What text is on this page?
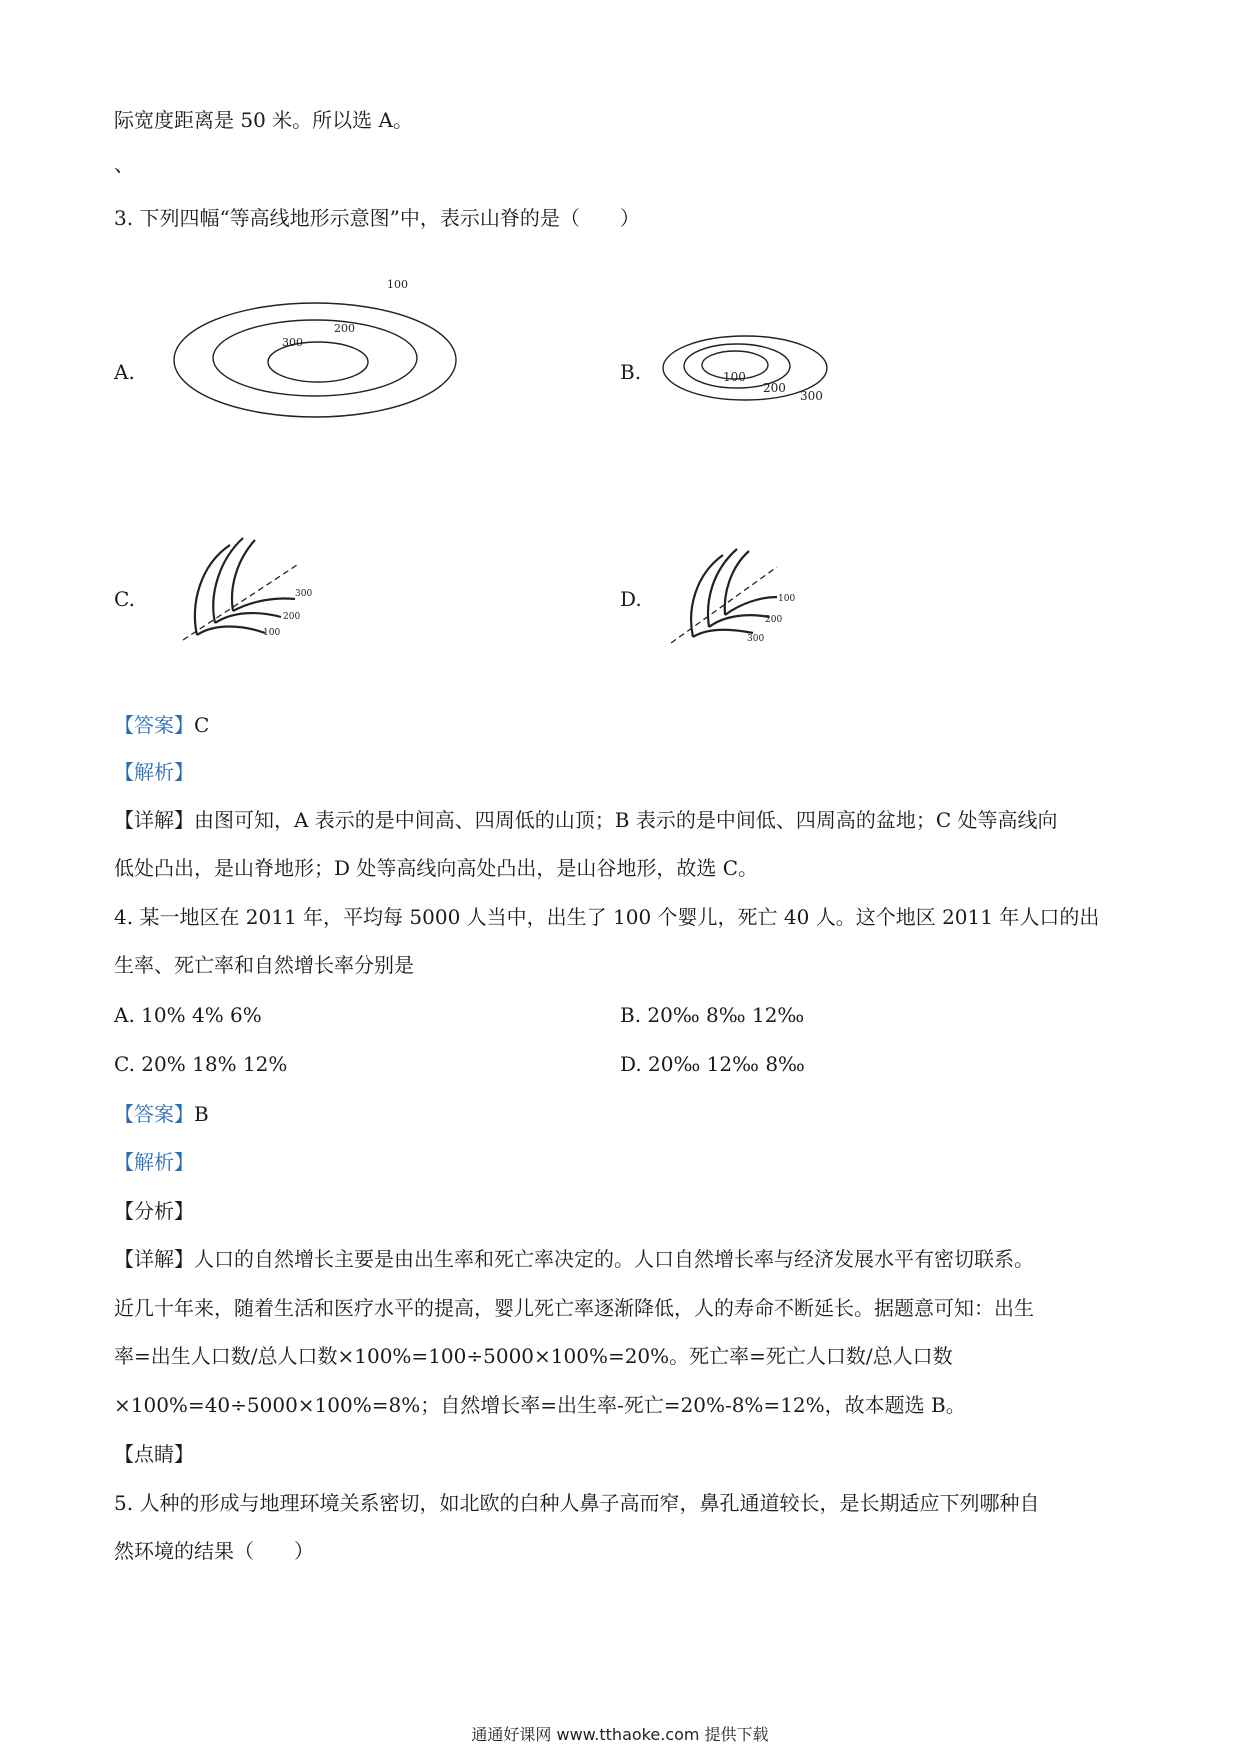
际宽度距离是 50 米。所以选 A。
、
3. 下列四幅“等高线地形示意图”中，表示山脊的是（　　）
A.	B.
C.	D.
100
200
300
100
200
300
300
200
100
100
200
300
【答案】C
【解析】
【详解】由图可知，A 表示的是中间高、四周低的山顶；B 表示的是中间低、四周高的盆地；C 处等高线向
低处凸出，是山脊地形；D 处等高线向高处凸出，是山谷地形，故选 C。
4. 某一地区在 2011 年，平均每 5000 人当中，出生了 100 个婴儿，死亡 40 人。这个地区 2011 年人口的出
生率、死亡率和自然增长率分别是
A. 10% 4% 6%	B. 20‰ 8‰ 12‰
C. 20% 18% 12%	D. 20‰ 12‰ 8‰
【答案】B
【解析】
【分析】
【详解】人口的自然增长主要是由出生率和死亡率决定的。人口自然增长率与经济发展水平有密切联系。
近几十年来，随着生活和医疗水平的提高，婴儿死亡率逐渐降低，人的寿命不断延长。据题意可知：出生
率=出生人口数/总人口数×100%=100÷5000×100%=20%。死亡率=死亡人口数/总人口数
×100%=40÷5000×100%=8%；自然增长率=出生率-死亡=20%-8%=12%，故本题选 B。
【点睛】
5. 人种的形成与地理环境关系密切，如北欧的白种人鼻子高而窄，鼻孔通道较长，是长期适应下列哪种自
然环境的结果（　　）
通通好课网 www.tthaoke.com 提供下载
